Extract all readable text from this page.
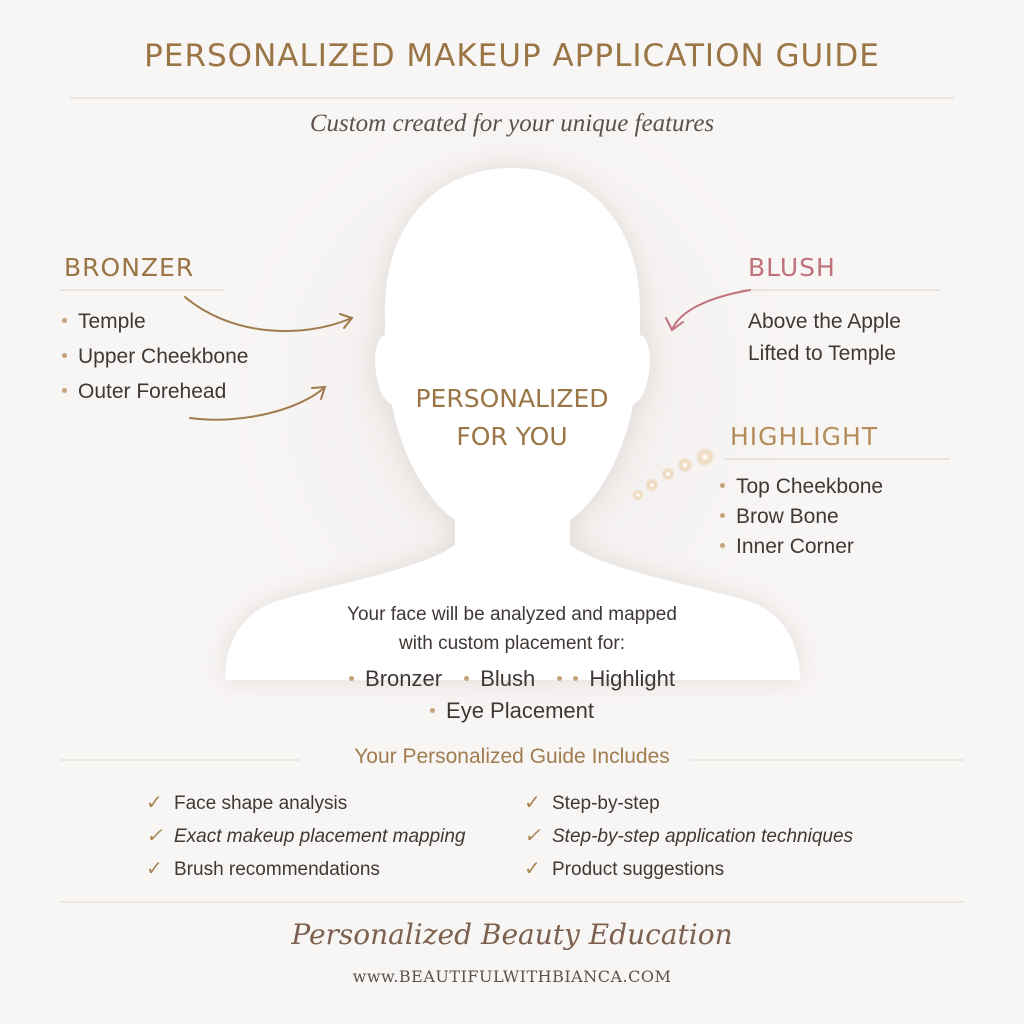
PERSONALIZED MAKEUP APPLICATION GUIDE
Custom created for your unique features
BRONZER
Temple
Upper Cheekbone
Outer Forehead
BLUSH
Above the Apple
Lifted to Temple
HIGHLIGHT
Top Cheekbone
Brow Bone
Inner Corner
PERSONALIZED
FOR YOU
Your face will be analyzed and mapped
with custom placement for:
Bronzer Blush Highlight
Eye Placement
Your Personalized Guide Includes
✓ Face shape analysis
✓ Exact makeup placement mapping
✓ Brush recommendations
✓ Step-by-step
✓ Step-by-step application techniques
✓ Product suggestions
Personalized Beauty Education
www.BEAUTIFULWITHBIANCA.COM
